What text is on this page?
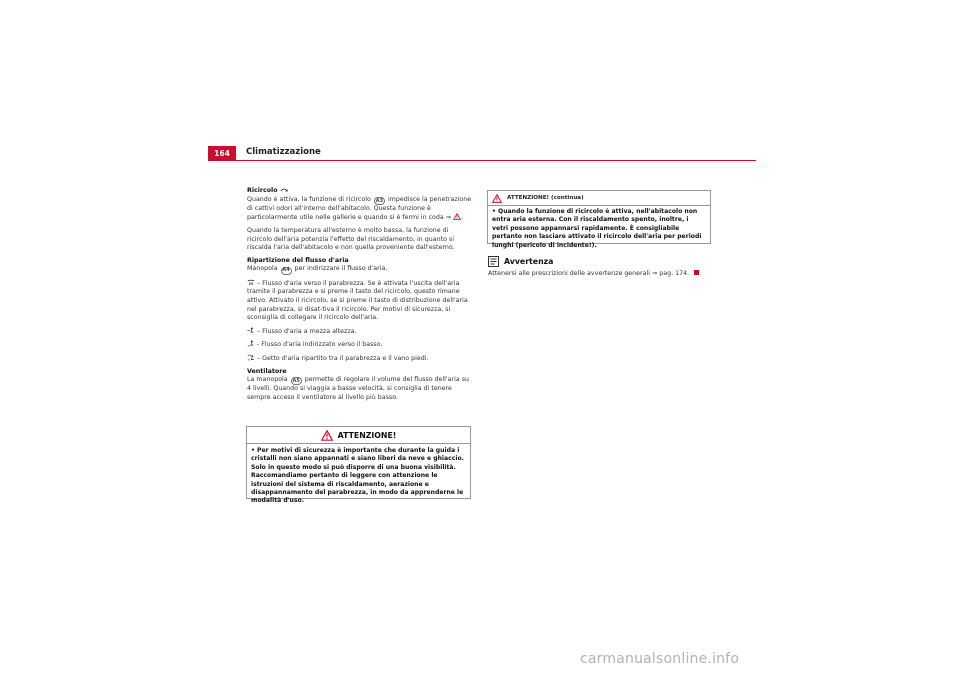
164	Climatizzazione

Ricircolo

Quando è attiva, la funzione di ricircolo A3 impedisce la penetrazione di cattivi odori all'interno dell'abitacolo. Questa funzione è particolarmente utile nelle gallerie e quando si è fermi in coda ⇒ .

Quando la temperatura all'esterno è molto bassa, la funzione di ricircolo dell'aria potenzia l'effetto del riscaldamento, in quanto si riscalda l'aria dell'abitacolo e non quella proveniente dall'esterno.

Ripartizione del flusso d'aria

Manopola A4 per indirizzare il flusso d'aria.

– Flusso d'aria verso il parabrezza. Se è attivata l'uscita dell'aria tramite il parabrezza e si preme il tasto del ricircolo, questo rimane attivo. Attivato il ricircolo, se si preme il tasto di distribuzione dell'aria nel parabrezza, si disat-tiva il ricircolo. Per motivi di sicurezza, si sconsiglia di collegare il ricircolo dell'aria.

– Flusso d'aria a mezza altezza.

- Flusso d'aria indirizzato verso il basso.

– Getto d'aria ripartito tra il parabrezza e il vano piedi.

Ventilatore

La manopola A5 permette di regolare il volume del flusso dell'aria su 4 livelli. Quando si viaggia a basse velocità, si consiglia di tenere sempre acceso il ventilatore al livello più basso.

ATTENZIONE!
• Per motivi di sicurezza è importante che durante la guida i cristalli non siano appannati e siano liberi da neve e ghiaccio. Solo in questo modo si può disporre di una buona visibilità. Raccomandiamo pertanto di leggere con attenzione le istruzioni del sistema di riscaldamento, aerazione e disappannamento del parabrezza, in modo da apprenderne le modalità d'uso.
ATTENZIONE! (continua)
• Quando la funzione di ricircolo è attiva, nell'abitacolo non entra aria esterna. Con il riscaldamento spento, inoltre, i vetri possono appannarsi rapidamente. È consigliabile pertanto non lasciare attivato il ricircolo dell'aria per periodi lunghi (pericolo di incidente!).
Avvertenza
Attenersi alle prescrizioni delle avvertenze generali ⇒ pag. 174.
carmanualsonline.info
